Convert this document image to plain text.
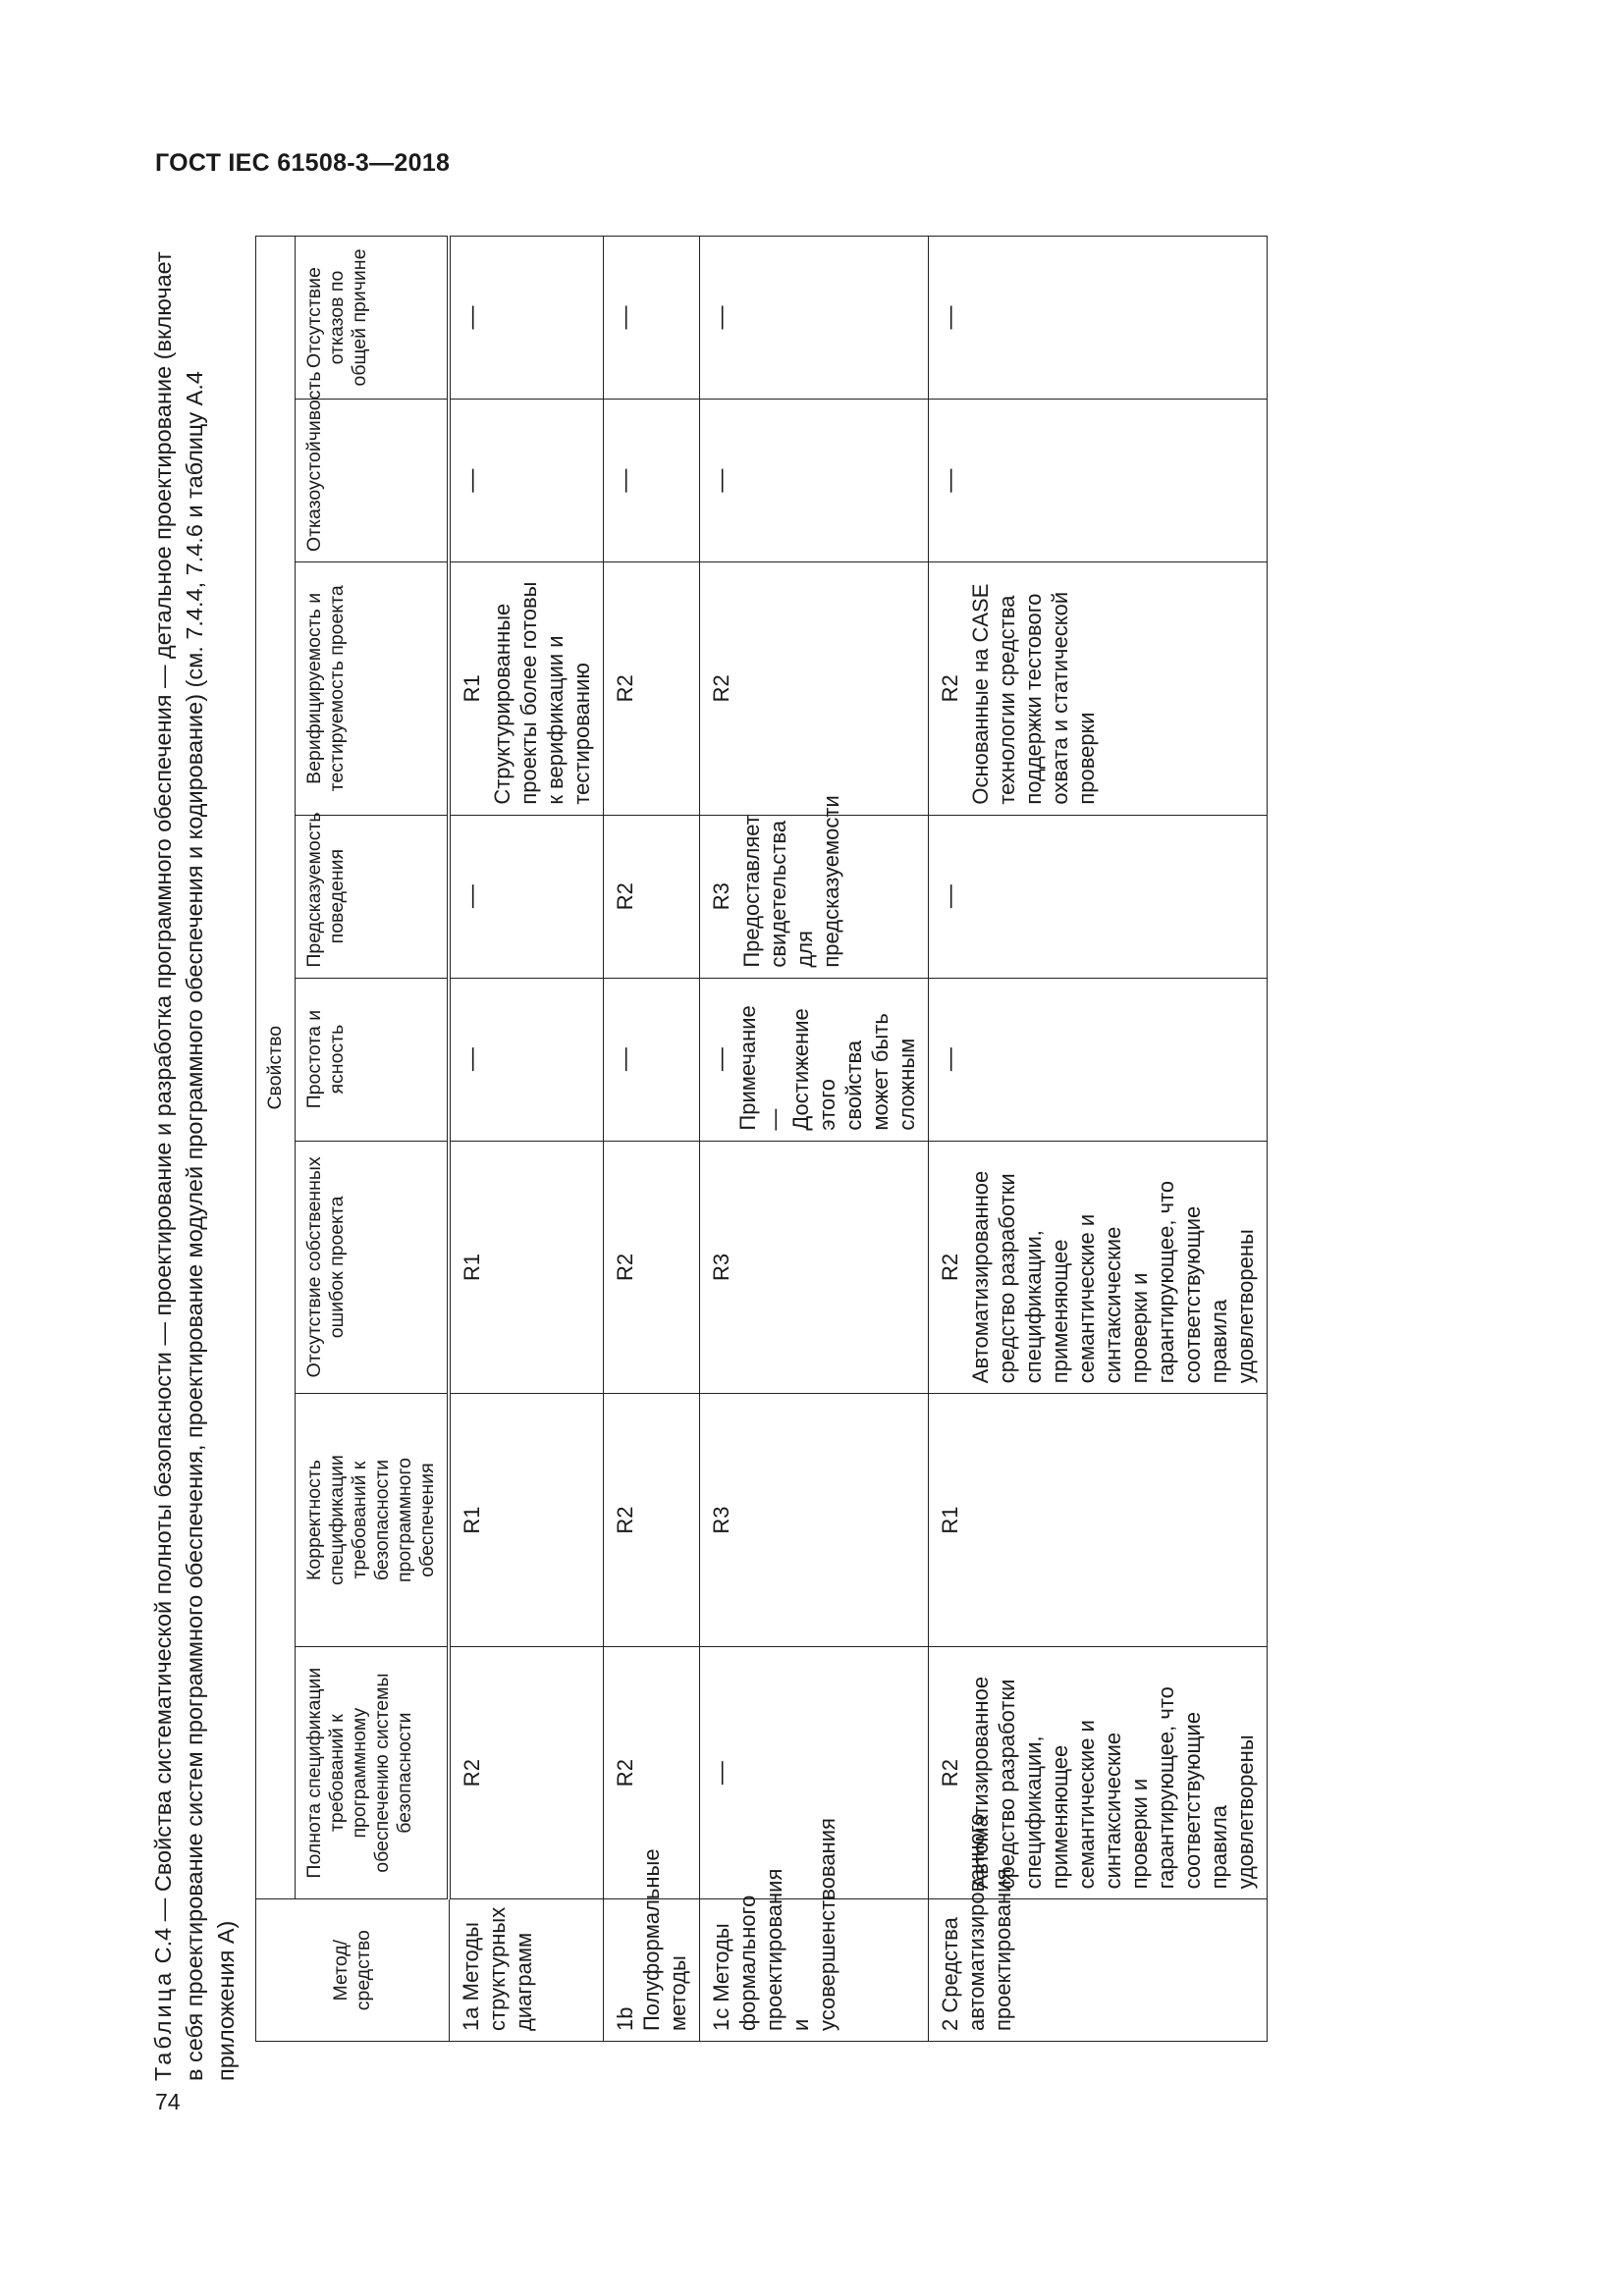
ГОСТ IEC 61508-3—2018
74
Таблица С.4 — Свойства систематической полноты безопасности — проектирование и разработка программного обеспечения — детальное проектирование (включает в себя проектирование систем программного обеспечения, проектирование модулей программного обеспечения и кодирование) (см. 7.4.4, 7.4.6 и таблицу А.4 приложения А)	Метод/ средство	Свойство							
	Полнота спецификации требований к программному обеспечению системы безопасности	Корректность спецификации требований к безопасности программного обеспечения	Отсутствие собственных ошибок проекта	Простота и ясность	Предсказуемость поведения	Верифицируемость и тестируемость проекта	Отказоустойчивость	Отсутствие отказов по общей причине
1а Методы структурных диаграмм	R2	R1	R1	—	—	R1 Структурированные проекты более готовы к верификации и тестированию	—	—

1b Полуформальные методы	R2	R2	R2	—	R2	R2	—	—

1с Методы формального проектирования и усовершенствования	—	R3	R3	— Примечание — Достижение этого свойства может быть сложным	R3 Предоставляет свидетельства для предсказуемости	R2	—	—

2 Средства автоматизированного проектирования	R2 Автоматизированное средство разработки спецификации, применяющее семантические и синтаксические проверки и гарантирующее, что соответствующие правила удовлетворены	R1	R2 Автоматизированное средство разработки спецификации, применяющее семантические и синтаксические проверки и гарантирующее, что соответствующие правила удовлетворены	—	—	R2 Основанные на CASE технологии средства поддержки тестового охвата и статической проверки	—	—
